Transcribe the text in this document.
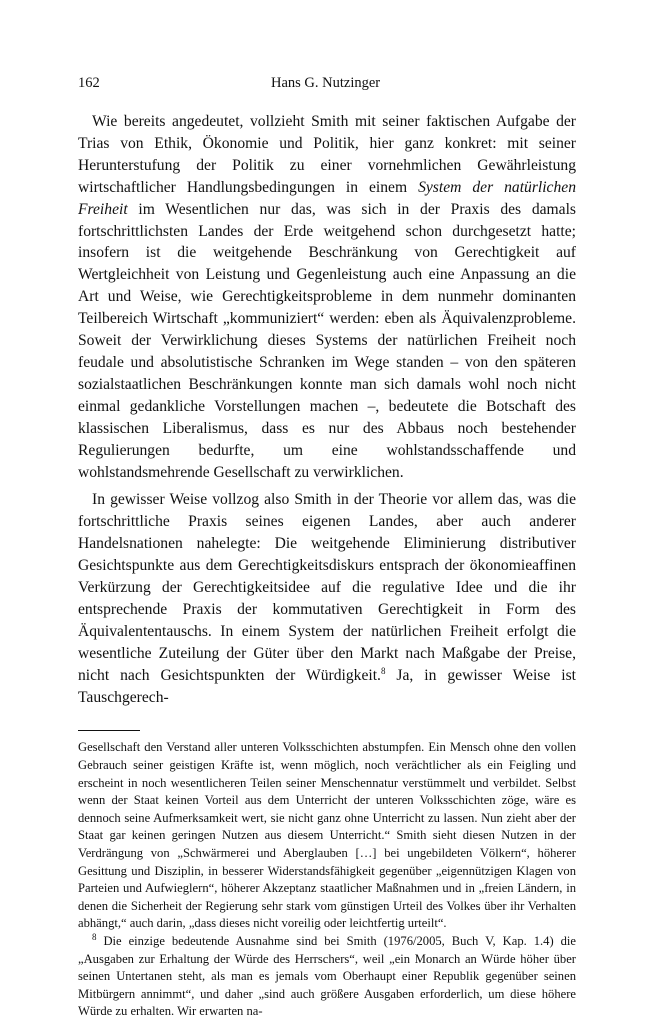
162	Hans G. Nutzinger

Wie bereits angedeutet, vollzieht Smith mit seiner faktischen Aufgabe der Trias von Ethik, Ökonomie und Politik, hier ganz konkret: mit seiner Herunterstufung der Politik zu einer vornehmlichen Gewährleistung wirtschaftlicher Handlungsbedingungen in einem System der natürlichen Freiheit im Wesentlichen nur das, was sich in der Praxis des damals fortschrittlichsten Landes der Erde weitgehend schon durchgesetzt hatte; insofern ist die weitgehende Beschränkung von Gerechtigkeit auf Wertgleichheit von Leistung und Gegenleistung auch eine Anpassung an die Art und Weise, wie Gerechtigkeitsprobleme in dem nunmehr dominanten Teilbereich Wirtschaft „kommuniziert“ werden: eben als Äquivalenzprobleme. Soweit der Verwirklichung dieses Systems der natürlichen Freiheit noch feudale und absolutistische Schranken im Wege standen – von den späteren sozialstaatlichen Beschränkungen konnte man sich damals wohl noch nicht einmal gedankliche Vorstellungen machen –, bedeutete die Botschaft des klassischen Liberalismus, dass es nur des Abbaus noch bestehender Regulierungen bedurfte, um eine wohlstandsschaffende und wohlstandsmehrende Gesellschaft zu verwirklichen.

In gewisser Weise vollzog also Smith in der Theorie vor allem das, was die fortschrittliche Praxis seines eigenen Landes, aber auch anderer Handelsnationen nahelegte: Die weitgehende Eliminierung distributiver Gesichtspunkte aus dem Gerechtigkeitsdiskurs entsprach der ökonomieaffinen Verkürzung der Gerechtigkeitsidee auf die regulative Idee und die ihr entsprechende Praxis der kommutativen Gerechtigkeit in Form des Äquivalententauschs. In einem System der natürlichen Freiheit erfolgt die wesentliche Zuteilung der Güter über den Markt nach Maßgabe der Preise, nicht nach Gesichtspunkten der Würdigkeit.$^8$ Ja, in gewisser Weise ist Tauschgerech-

Gesellschaft den Verstand aller unteren Volksschichten abstumpfen. Ein Mensch ohne den vollen Gebrauch seiner geistigen Kräfte ist, wenn möglich, noch verächtlicher als ein Feigling und erscheint in noch wesentlicheren Teilen seiner Menschennatur verstümmelt und verbildet. Selbst wenn der Staat keinen Vorteil aus dem Unterricht der unteren Volksschichten zöge, wäre es dennoch seine Aufmerksamkeit wert, sie nicht ganz ohne Unterricht zu lassen. Nun zieht aber der Staat gar keinen geringen Nutzen aus diesem Unterricht.“ Smith sieht diesen Nutzen in der Verdrängung von „Schwärmerei und Aberglauben […] bei ungebildeten Völkern“, höherer Gesittung und Disziplin, in besserer Widerstandsfähigkeit gegenüber „eigennützigen Klagen von Parteien und Aufwieglern“, höherer Akzeptanz staatlicher Maßnahmen und in „freien Ländern, in denen die Sicherheit der Regierung sehr stark vom günstigen Urteil des Volkes über ihr Verhalten abhängt,“ auch darin, „dass dieses nicht voreilig oder leichtfertig urteilt“.

$^8$ Die einzige bedeutende Ausnahme sind bei Smith (1976/2005, Buch V, Kap. 1.4) die „Ausgaben zur Erhaltung der Würde des Herrschers“, weil „ein Monarch an Würde höher über seinen Untertanen steht, als man es jemals vom Oberhaupt einer Republik gegenüber seinen Mitbürgern annimmt“, und daher „sind auch größere Ausgaben erforderlich, um diese höhere Würde zu erhalten. Wir erwarten na-
